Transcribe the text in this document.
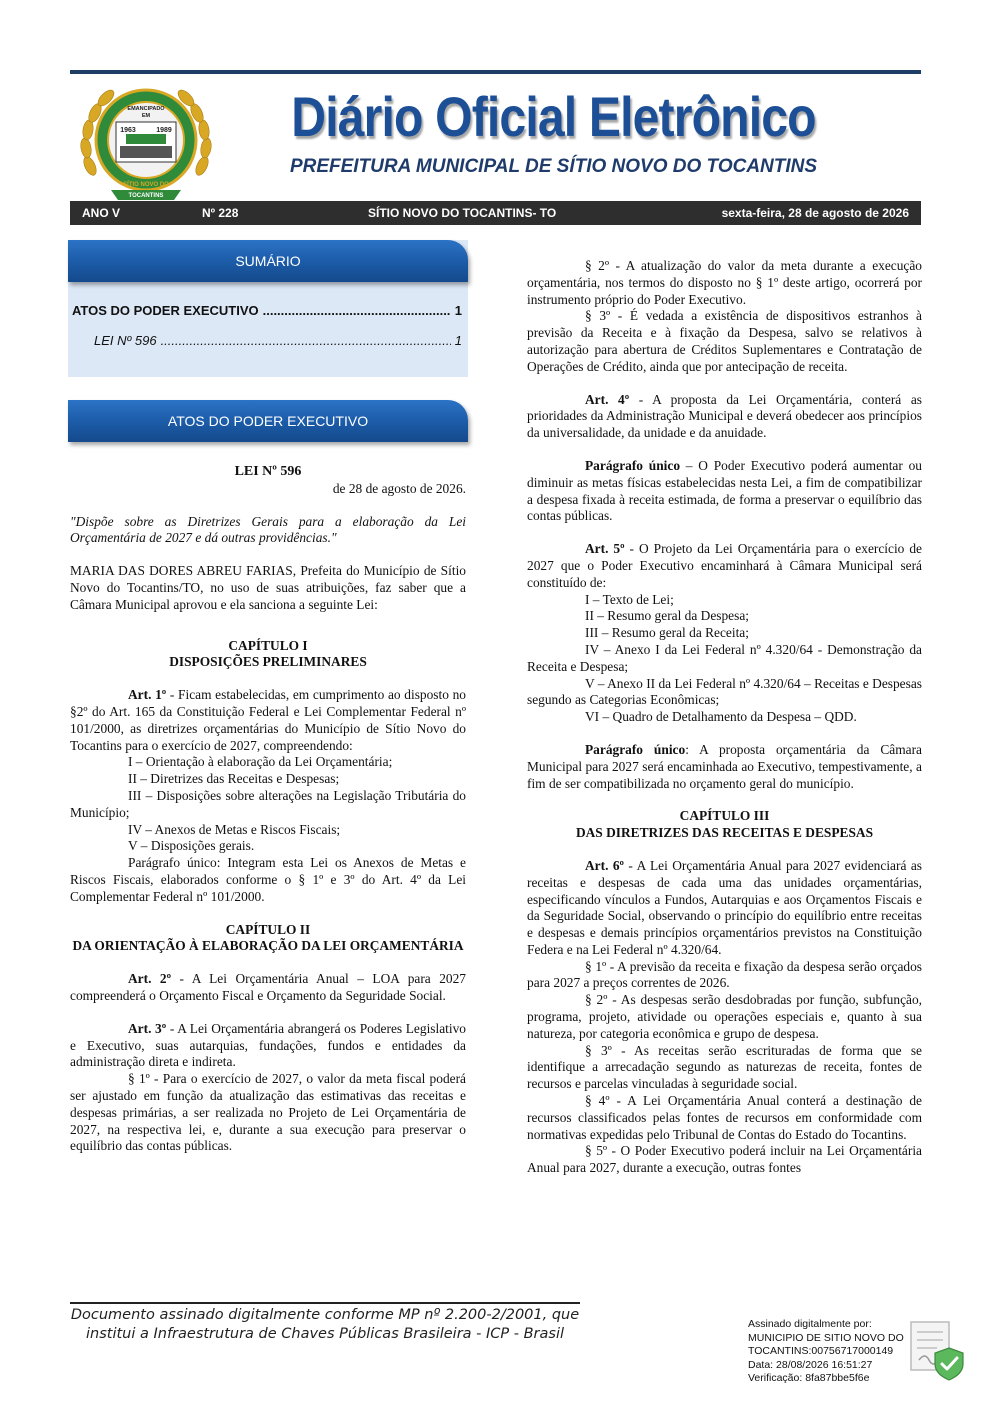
EMANCIPADO
EM
1963	1989
SÍTIO NOVO DO
TOCANTINS
Diário Oficial Eletrônico
PREFEITURA MUNICIPAL DE SÍTIO NOVO DO TOCANTINS
ANO V	Nº 228	SÍTIO NOVO DO TOCANTINS- TO	sexta-feira, 28 de agosto de 2026
SUMÁRIO
ATOS DO PODER EXECUTIVO .....	1
LEI Nº 596 .....	1
ATOS DO PODER EXECUTIVO

LEI Nº 596

de 28 de agosto de 2026.

"Dispõe sobre as Diretrizes Gerais para a elaboração da Lei Orçamentária de 2027 e dá outras providências."

MARIA DAS DORES ABREU FARIAS, Prefeita do Município de Sítio Novo do Tocantins/TO, no uso de suas atribuições, faz saber que a Câmara Municipal aprovou e ela sanciona a seguinte Lei:

CAPÍTULO I

DISPOSIÇÕES PRELIMINARES

Art. 1º - Ficam estabelecidas, em cumprimento ao disposto no §2º do Art. 165 da Constituição Federal e Lei Complementar Federal nº 101/2000, as diretrizes orçamentárias do Município de Sítio Novo do Tocantins para o exercício de 2027, compreendendo:

I – Orientação à elaboração da Lei Orçamentária;

II – Diretrizes das Receitas e Despesas;

III – Disposições sobre alterações na Legislação Tributária do Município;

IV – Anexos de Metas e Riscos Fiscais;

V – Disposições gerais.

Parágrafo único: Integram esta Lei os Anexos de Metas e Riscos Fiscais, elaborados conforme o § 1º e 3º do Art. 4º da Lei Complementar Federal nº 101/2000.

CAPÍTULO II

DA ORIENTAÇÃO À ELABORAÇÃO DA LEI ORÇAMENTÁRIA

Art. 2º - A Lei Orçamentária Anual – LOA para 2027 compreenderá o Orçamento Fiscal e Orçamento da Seguridade Social.

Art. 3º - A Lei Orçamentária abrangerá os Poderes Legislativo e Executivo, suas autarquias, fundações, fundos e entidades da administração direta e indireta.

§ 1º - Para o exercício de 2027, o valor da meta fiscal poderá ser ajustado em função da atualização das estimativas das receitas e despesas primárias, a ser realizada no Projeto de Lei Orçamentária de 2027, na respectiva lei, e, durante a sua execução para preservar o equilíbrio das contas públicas.

§ 2º - A atualização do valor da meta durante a execução orçamentária, nos termos do disposto no § 1º deste artigo, ocorrerá por instrumento próprio do Poder Executivo.

§ 3º - É vedada a existência de dispositivos estranhos à previsão da Receita e à fixação da Despesa, salvo se relativos à autorização para abertura de Créditos Suplementares e Contratação de Operações de Crédito, ainda que por antecipação de receita.

Art. 4º - A proposta da Lei Orçamentária, conterá as prioridades da Administração Municipal e deverá obedecer aos princípios da universalidade, da unidade e da anuidade.

Parágrafo único – O Poder Executivo poderá aumentar ou diminuir as metas físicas estabelecidas nesta Lei, a fim de compatibilizar a despesa fixada à receita estimada, de forma a preservar o equilíbrio das contas públicas.

Art. 5º - O Projeto da Lei Orçamentária para o exercício de 2027 que o Poder Executivo encaminhará à Câmara Municipal será constituído de:

I – Texto de Lei;

II – Resumo geral da Despesa;

III – Resumo geral da Receita;

IV – Anexo I da Lei Federal nº 4.320/64 - Demonstração da Receita e Despesa;

V – Anexo II da Lei Federal nº 4.320/64 – Receitas e Despesas segundo as Categorias Econômicas;

VI – Quadro de Detalhamento da Despesa – QDD.

Parágrafo único: A proposta orçamentária da Câmara Municipal para 2027 será encaminhada ao Executivo, tempestivamente, a fim de ser compatibilizada no orçamento geral do município.

CAPÍTULO III

DAS DIRETRIZES DAS RECEITAS E DESPESAS

Art. 6º - A Lei Orçamentária Anual para 2027 evidenciará as receitas e despesas de cada uma das unidades orçamentárias, especificando vínculos a Fundos, Autarquias e aos Orçamentos Fiscais e da Seguridade Social, observando o princípio do equilíbrio entre receitas e despesas e demais princípios orçamentários previstos na Constituição Federa e na Lei Federal nº 4.320/64.

§ 1º - A previsão da receita e fixação da despesa serão orçados para 2027 a preços correntes de 2026.

§ 2º - As despesas serão desdobradas por função, subfunção, programa, projeto, atividade ou operações especiais e, quanto à sua natureza, por categoria econômica e grupo de despesa.

§ 3º - As receitas serão escrituradas de forma que se identifique a arrecadação segundo as naturezas de receita, fontes de recursos e parcelas vinculadas à seguridade social.

§ 4º - A Lei Orçamentária Anual conterá a destinação de recursos classificados pelas fontes de recursos em conformidade com normativas expedidas pelo Tribunal de Contas do Estado do Tocantins.

§ 5º - O Poder Executivo poderá incluir na Lei Orçamentária Anual para 2027, durante a execução, outras fontes

Documento assinado digitalmente conforme MP nº 2.200-2/2001, que
institui a Infraestrutura de Chaves Públicas Brasileira - ICP - Brasil
Assinado digitalmente por:
MUNICIPIO DE SITIO NOVO DO
TOCANTINS:00756717000149
Data: 28/08/2026 16:51:27
Verificação: 8fa87bbe5f6e
